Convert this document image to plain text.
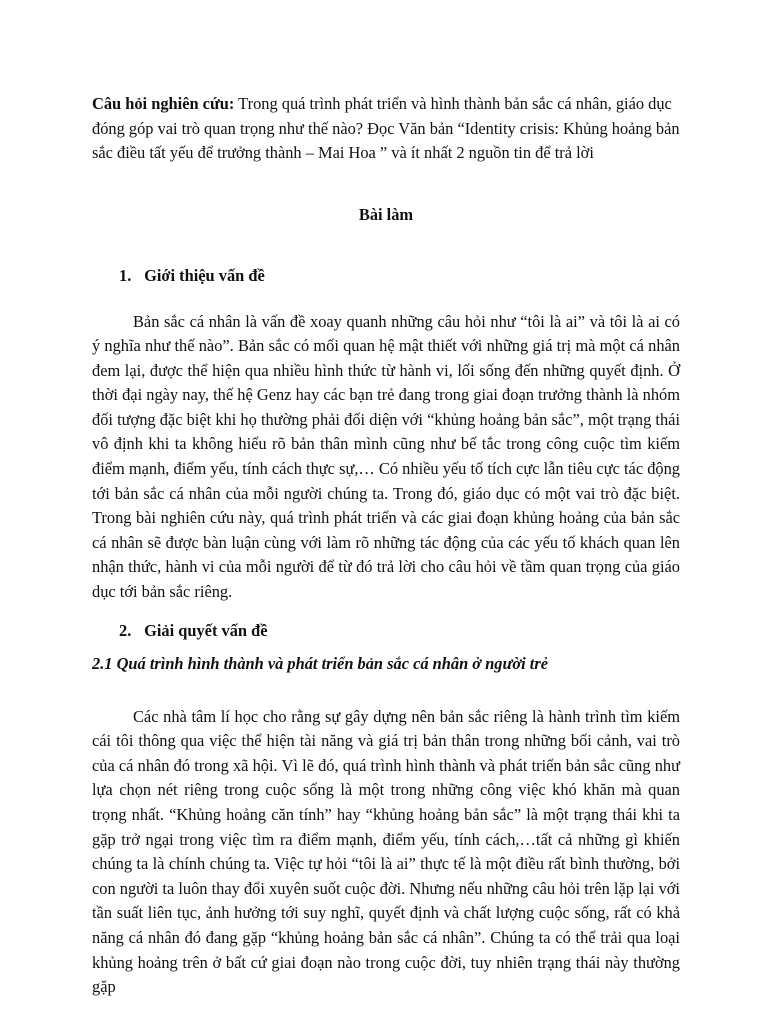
Câu hỏi nghiên cứu: Trong quá trình phát triển và hình thành bản sắc cá nhân, giáo dục đóng góp vai trò quan trọng như thế nào? Đọc Văn bản “Identity crisis: Khủng hoảng bản sắc điều tất yếu để trưởng thành – Mai Hoa ” và ít nhất 2 nguồn tin để trả lời

Bài làm
1. Giới thiệu vấn đề

Bản sắc cá nhân là vấn đề xoay quanh những câu hỏi như “tôi là ai” và tôi là ai có ý nghĩa như thế nào”. Bản sắc có mối quan hệ mật thiết với những giá trị mà một cá nhân đem lại, được thể hiện qua nhiều hình thức từ hành vi, lối sống đến những quyết định. Ở thời đại ngày nay, thế hệ Genz hay các bạn trẻ đang trong giai đoạn trưởng thành là nhóm đối tượng đặc biệt khi họ thường phải đối diện với “khủng hoảng bản sắc”, một trạng thái vô định khi ta không hiểu rõ bản thân mình cũng như bế tắc trong công cuộc tìm kiếm điểm mạnh, điểm yếu, tính cách thực sự,… Có nhiều yếu tố tích cực lẫn tiêu cực tác động tới bản sắc cá nhân của mỗi người chúng ta. Trong đó, giáo dục có một vai trò đặc biệt. Trong bài nghiên cứu này, quá trình phát triển và các giai đoạn khủng hoảng của bản sắc cá nhân sẽ được bàn luận cùng với làm rõ những tác động của các yếu tố khách quan lên nhận thức, hành vi của mỗi người để từ đó trả lời cho câu hỏi về tầm quan trọng của giáo dục tới bản sắc riêng.

2. Giải quyết vấn đề
2.1 Quá trình hình thành và phát triển bản sắc cá nhân ở người trẻ

Các nhà tâm lí học cho rằng sự gây dựng nên bản sắc riêng là hành trình tìm kiếm cái tôi thông qua việc thể hiện tài năng và giá trị bản thân trong những bối cảnh, vai trò của cá nhân đó trong xã hội. Vì lẽ đó, quá trình hình thành và phát triển bản sắc cũng như lựa chọn nét riêng trong cuộc sống là một trong những công việc khó khăn mà quan trọng nhất. “Khủng hoảng căn tính” hay “khủng hoảng bản sắc” là một trạng thái khi ta gặp trở ngại trong việc tìm ra điểm mạnh, điểm yếu, tính cách,…tất cả những gì khiến chúng ta là chính chúng ta. Việc tự hỏi “tôi là ai” thực tế là một điều rất bình thường, bởi con người ta luôn thay đổi xuyên suốt cuộc đời. Nhưng nếu những câu hỏi trên lặp lại với tần suất liên tục, ảnh hưởng tới suy nghĩ, quyết định và chất lượng cuộc sống, rất có khả năng cá nhân đó đang gặp “khủng hoảng bản sắc cá nhân”. Chúng ta có thể trải qua loại khủng hoảng trên ở bất cứ giai đoạn nào trong cuộc đời, tuy nhiên trạng thái này thường gặp
